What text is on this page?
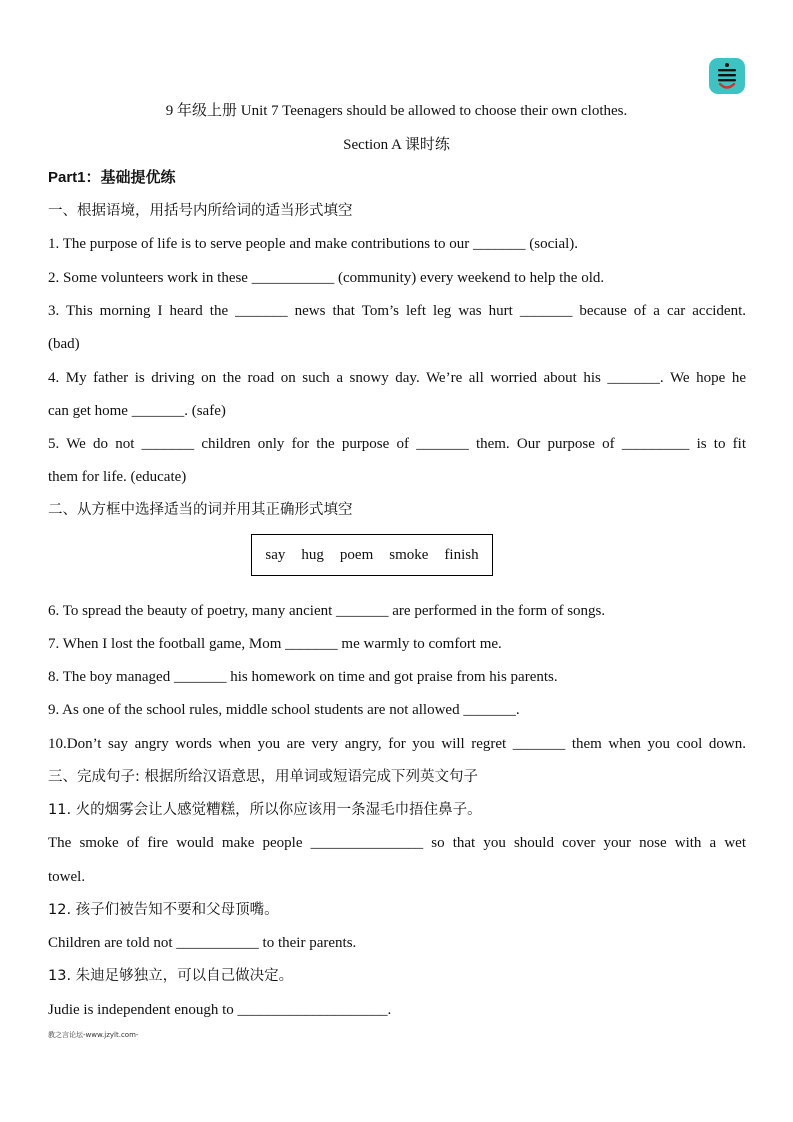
9 年级上册 Unit 7 Teenagers should be allowed to choose their own clothes.
Section A 课时练
Part1：基础提优练
一、根据语境，用括号内所给词的适当形式填空
1. The purpose of life is to serve people and make contributions to our _______ (social).
2. Some volunteers work in these ___________ (community) every weekend to help the old.
3. This morning I heard the _______ news that Tom’s left leg was hurt _______ because of a car accident.
(bad)
4. My father is driving on the road on such a snowy day. We’re all worried about his _______. We hope he
can get home _______. (safe)
5. We do not _______ children only for the purpose of _______ them. Our purpose of _________ is to fit
them for life. (educate)
二、从方框中选择适当的词并用其正确形式填空
say hug poem smoke finish
6. To spread the beauty of poetry, many ancient _______ are performed in the form of songs.
7. When I lost the football game, Mom _______ me warmly to comfort me.
8. The boy managed _______ his homework on time and got praise from his parents.
9. As one of the school rules, middle school students are not allowed _______.
10.Don’t say angry words when you are very angry, for you will regret _______ them when you cool down.
三、完成句子: 根据所给汉语意思，用单词或短语完成下列英文句子
11. 火的烟雾会让人感觉糟糕，所以你应该用一条湿毛巾捂住鼻子。
The smoke of fire would make people _______________ so that you should cover your nose with a wet
towel.
12. 孩子们被告知不要和父母顶嘴。
Children are told not ___________ to their parents.
13. 朱迪足够独立，可以自己做决定。
Judie is independent enough to ____________________.
教之言论坛-www.jzylt.com-
